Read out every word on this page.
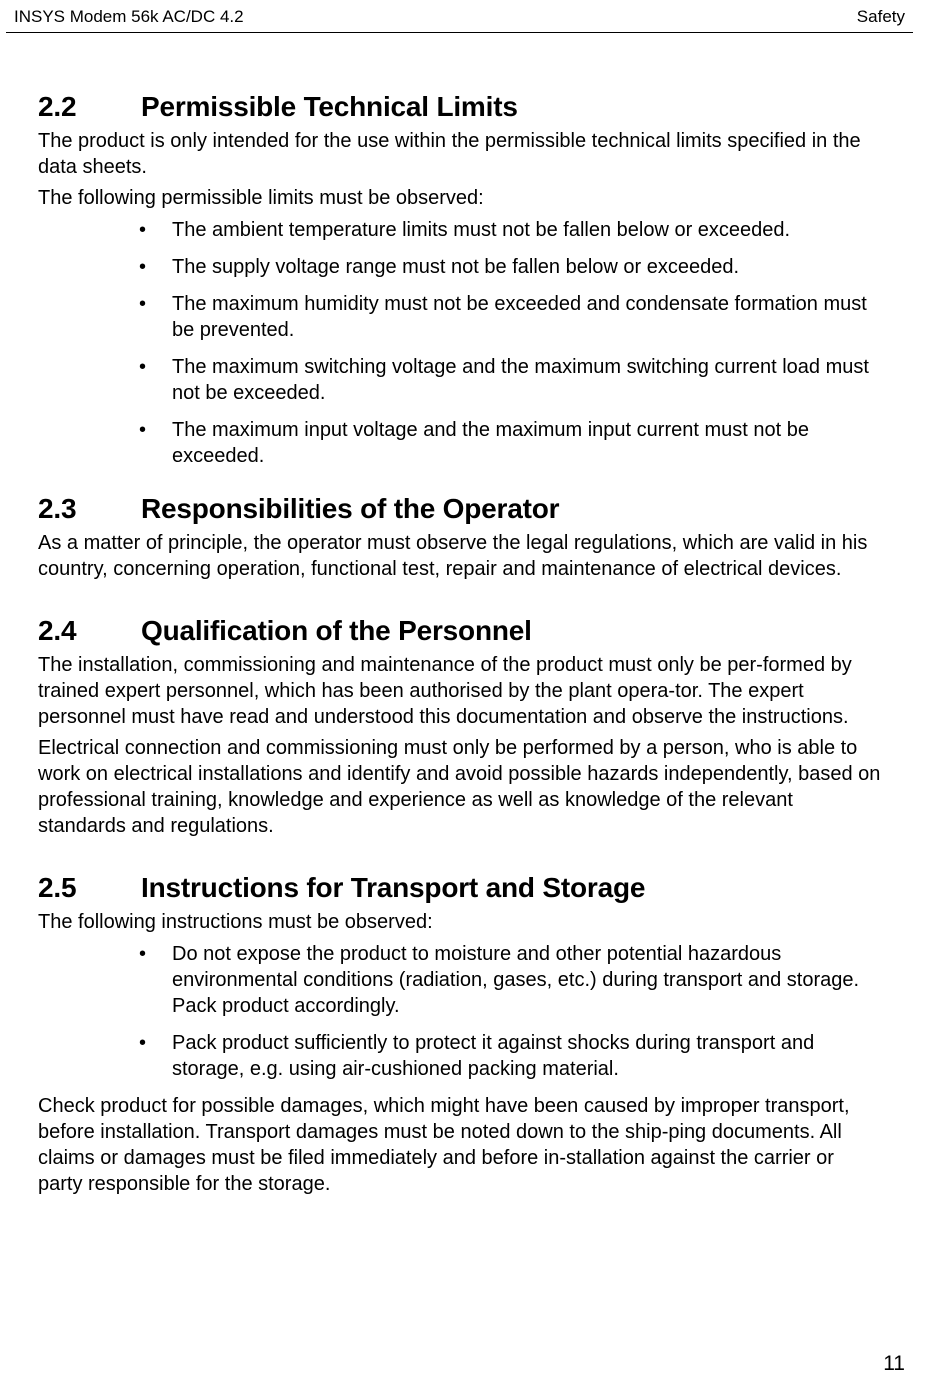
INSYS Modem 56k AC/DC 4.2	Safety
2.2	Permissible Technical Limits

The product is only intended for the use within the permissible technical limits specified in the data sheets.

The following permissible limits must be observed:

• The ambient temperature limits must not be fallen below or exceeded.
• The supply voltage range must not be fallen below or exceeded.
• The maximum humidity must not be exceeded and condensate formation must be prevented.
• The maximum switching voltage and the maximum switching current load must not be exceeded.
• The maximum input voltage and the maximum input current must not be exceeded.
2.3	Responsibilities of the Operator

As a matter of principle, the operator must observe the legal regulations, which are valid in his country, concerning operation, functional test, repair and maintenance of electrical devices.

2.4	Qualification of the Personnel

The installation, commissioning and maintenance of the product must only be per-formed by trained expert personnel, which has been authorised by the plant opera-tor. The expert personnel must have read and understood this documentation and observe the instructions.

Electrical connection and commissioning must only be performed by a person, who is able to work on electrical installations and identify and avoid possible hazards independently, based on professional training, knowledge and experience as well as knowledge of the relevant standards and regulations.

2.5	Instructions for Transport and Storage

The following instructions must be observed:

• Do not expose the product to moisture and other potential hazardous environmental conditions (radiation, gases, etc.) during transport and storage. Pack product accordingly.
• Pack product sufficiently to protect it against shocks during transport and storage, e.g. using air-cushioned packing material.

Check product for possible damages, which might have been caused by improper transport, before installation. Transport damages must be noted down to the ship-ping documents. All claims or damages must be filed immediately and before in-stallation against the carrier or party responsible for the storage.

11
